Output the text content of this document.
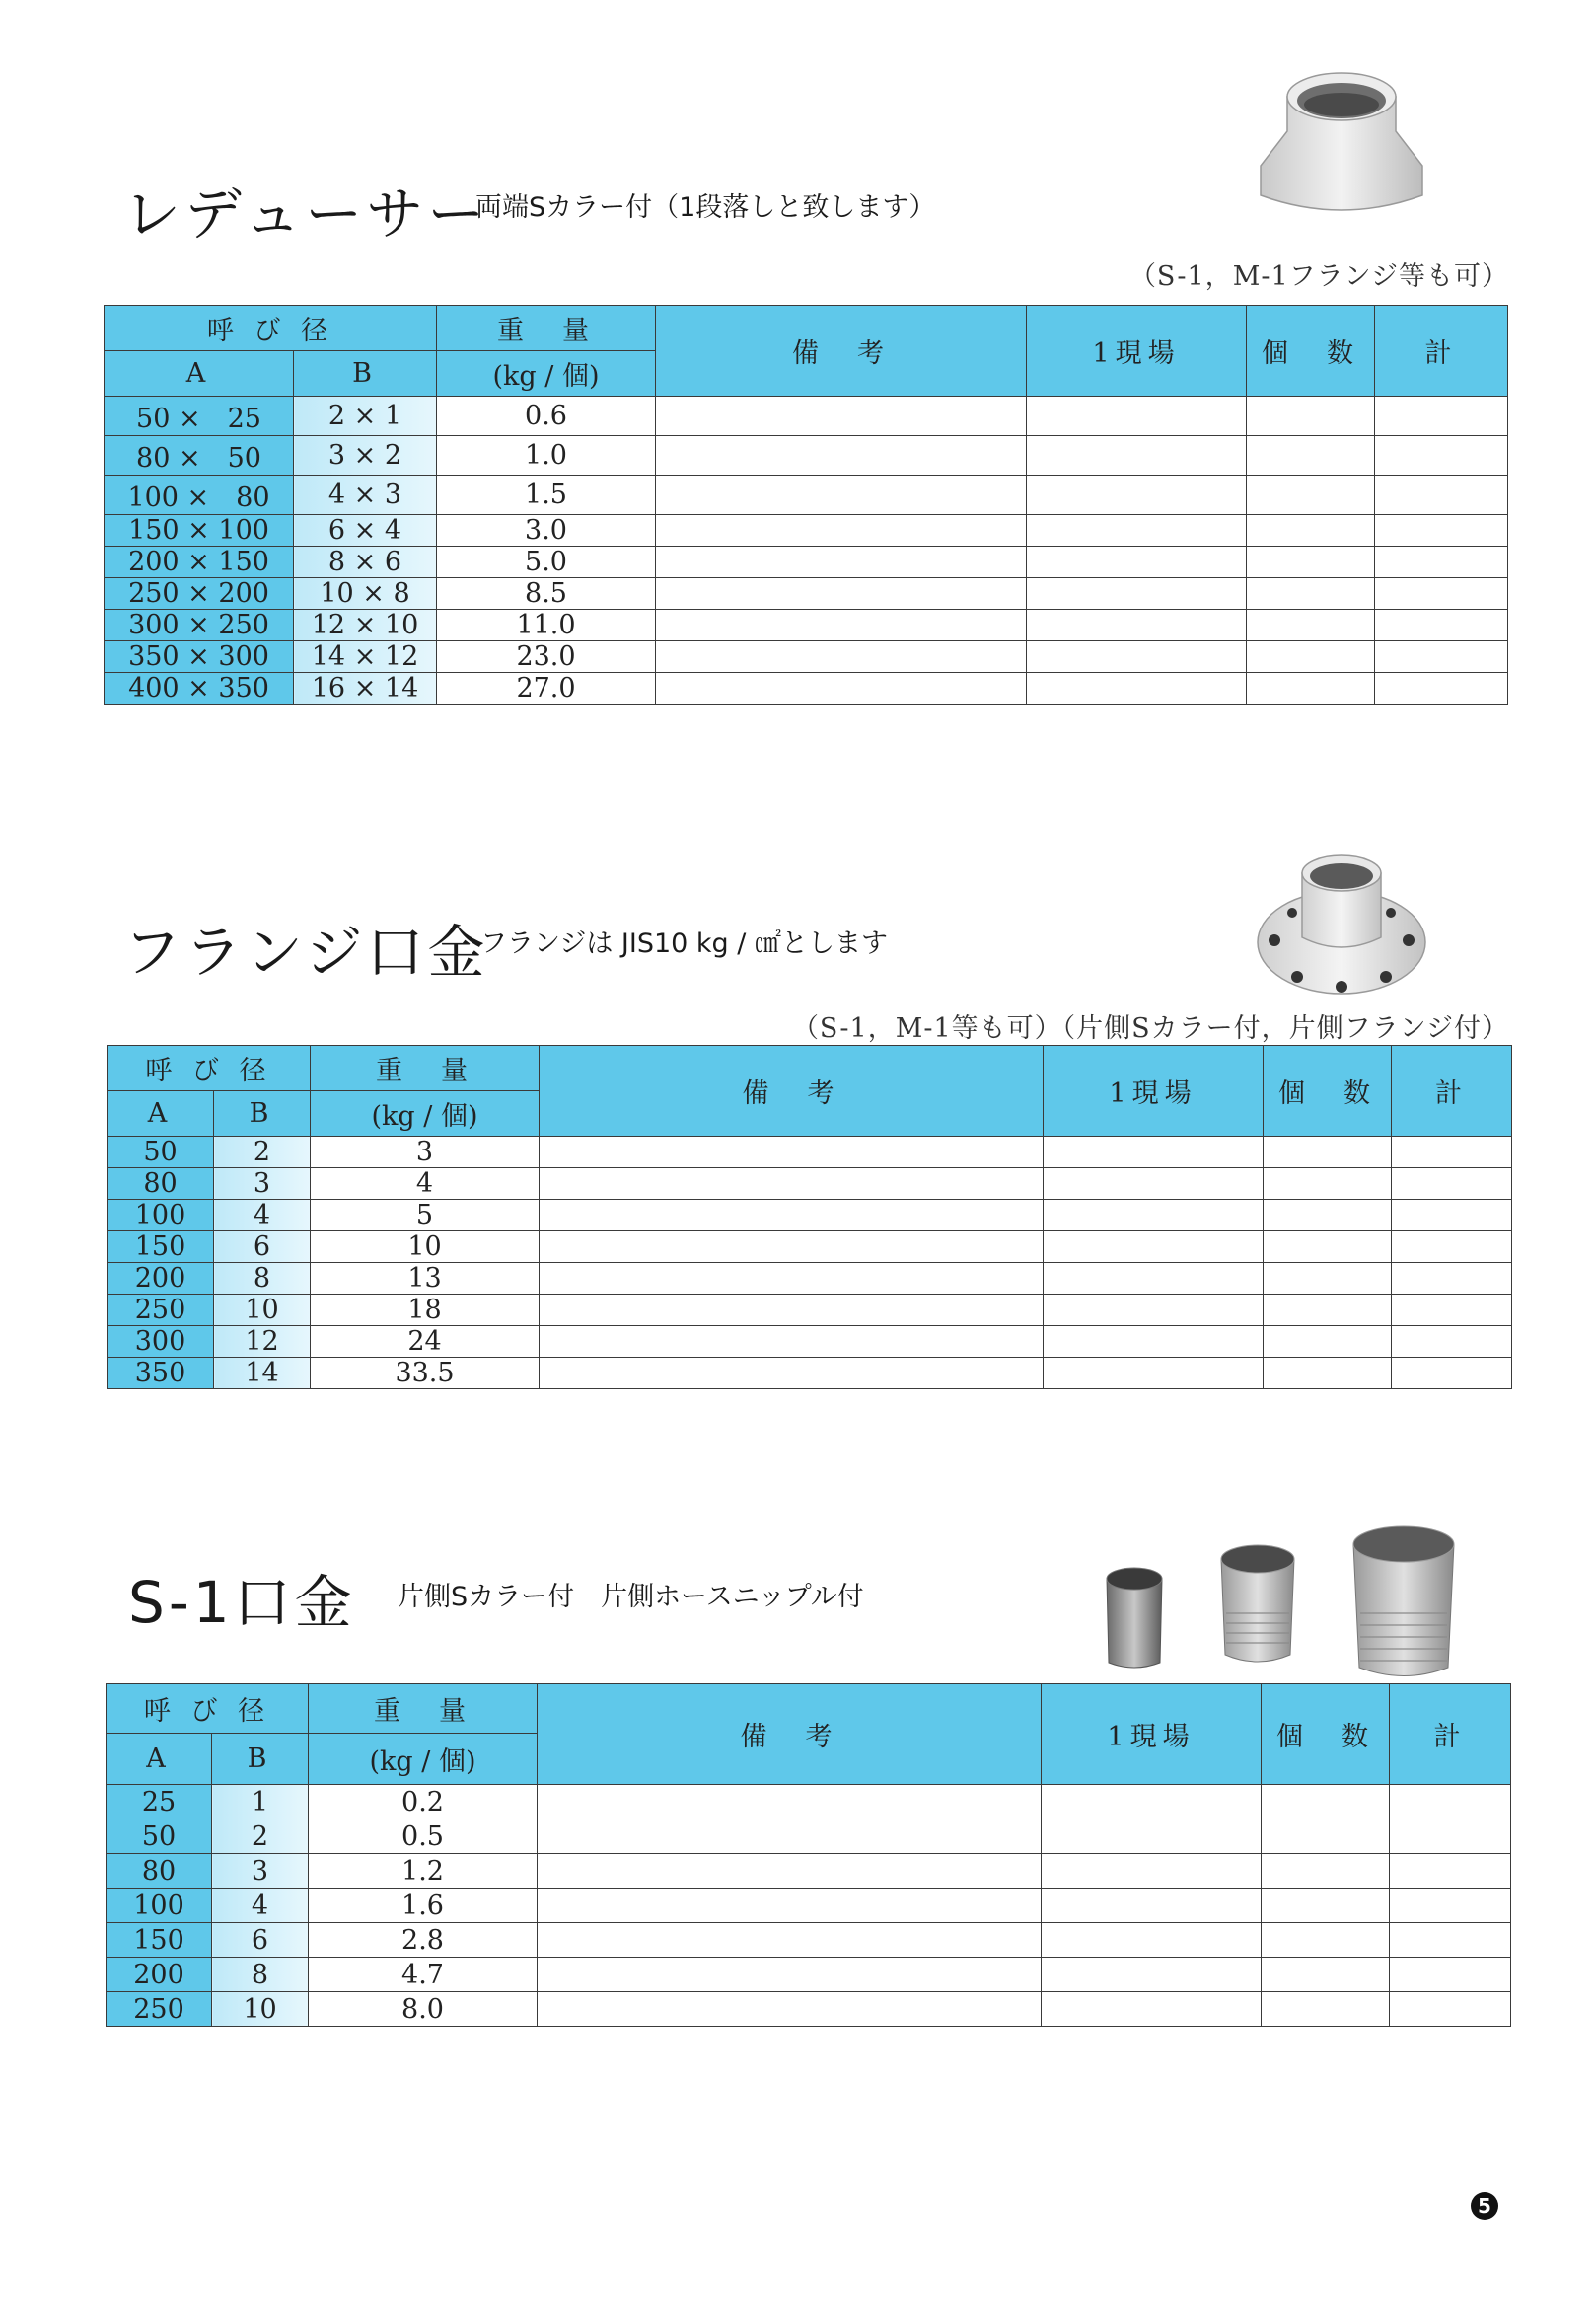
レデューサー
両端Sカラー付（1段落しと致します）
（S-1，M-1フランジ等も可）
呼 び 径		重　量	備　考	1現場	個　数	計
A	B	(kg / 個)				
50 ×　25	2 × 1	0.6				
80 ×　50	3 × 2	1.0				
100 ×　80	4 × 3	1.5				
150 × 100	6 × 4	3.0				
200 × 150	8 × 6	5.0				
250 × 200	10 × 8	8.5				
300 × 250	12 × 10	11.0				
350 × 300	14 × 12	23.0				
400 × 350	16 × 14	27.0				
フランジ口金
フランジは JIS10 kg / ㎠とします
（S-1，M-1等も可）（片側Sカラー付，片側フランジ付）
呼 び 径		重　量	備　考	1現場	個　数	計
A	B	(kg / 個)				
50	2	3				
80	3	4				
100	4	5				
150	6	10				
200	8	13				
250	10	18				
300	12	24				
350	14	33.5				
S-1口金 片側Sカラー付　片側ホースニップル付
呼 び 径		重　量	備　考	1現場	個　数	計
A	B	(kg / 個)				
25	1	0.2				
50	2	0.5				
80	3	1.2				
100	4	1.6				
150	6	2.8				
200	8	4.7				
250	10	8.0				
5
